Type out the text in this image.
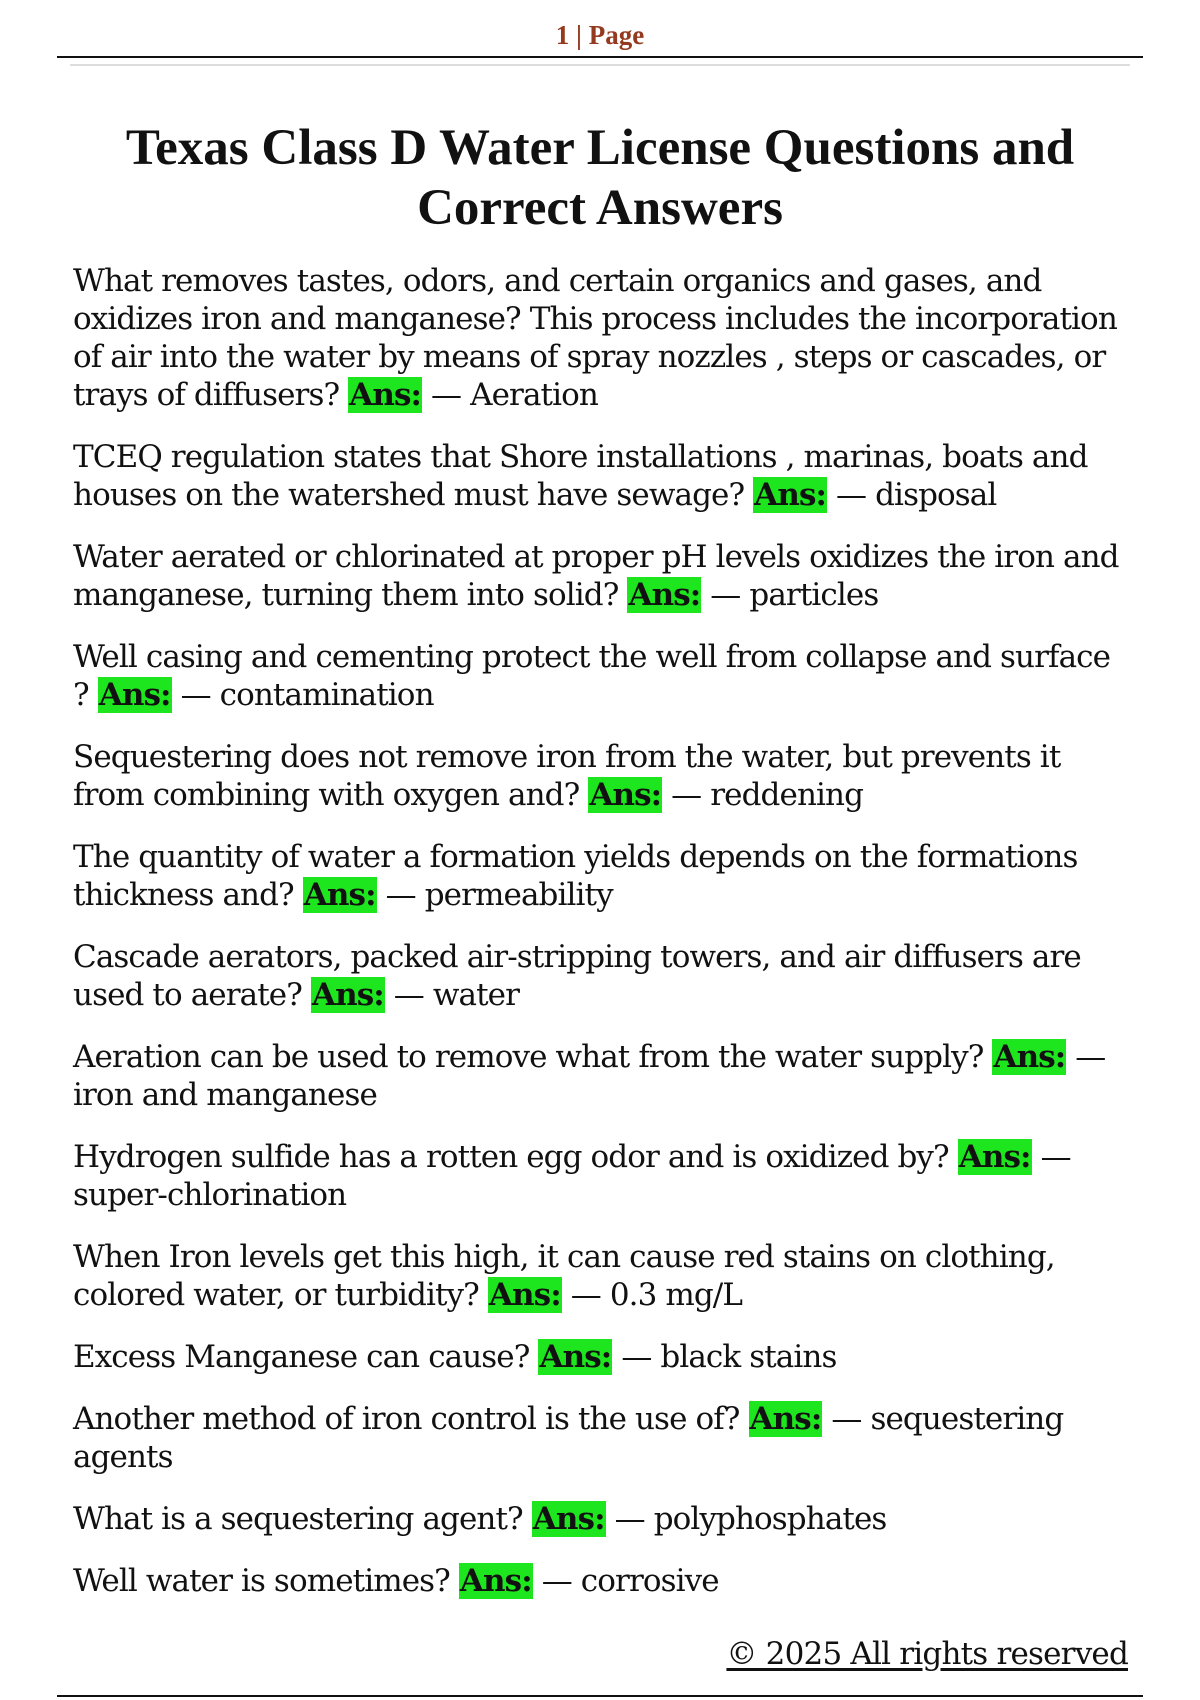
1 | Page
Texas Class D Water License Questions and Correct Answers

What removes tastes, odors, and certain organics and gases, and oxidizes iron and manganese? This process includes the incorporation of air into the water by means of spray nozzles , steps or cascades, or trays of diffusers? Ans: — Aeration

TCEQ regulation states that Shore installations , marinas, boats and houses on the watershed must have sewage? Ans: — disposal

Water aerated or chlorinated at proper pH levels oxidizes the iron and manganese, turning them into solid? Ans: — particles

Well casing and cementing protect the well from collapse and surface ? Ans: — contamination

Sequestering does not remove iron from the water, but prevents it from combining with oxygen and? Ans: — reddening

The quantity of water a formation yields depends on the formations thickness and? Ans: — permeability

Cascade aerators, packed air-stripping towers, and air diffusers are used to aerate? Ans: — water

Aeration can be used to remove what from the water supply? Ans: — iron and manganese

Hydrogen sulfide has a rotten egg odor and is oxidized by? Ans: — super-chlorination

When Iron levels get this high, it can cause red stains on clothing, colored water, or turbidity? Ans: — 0.3 mg/L

Excess Manganese can cause? Ans: — black stains

Another method of iron control is the use of? Ans: — sequestering agents

What is a sequestering agent? Ans: — polyphosphates

Well water is sometimes? Ans: — corrosive

© 2025 All rights reserved
